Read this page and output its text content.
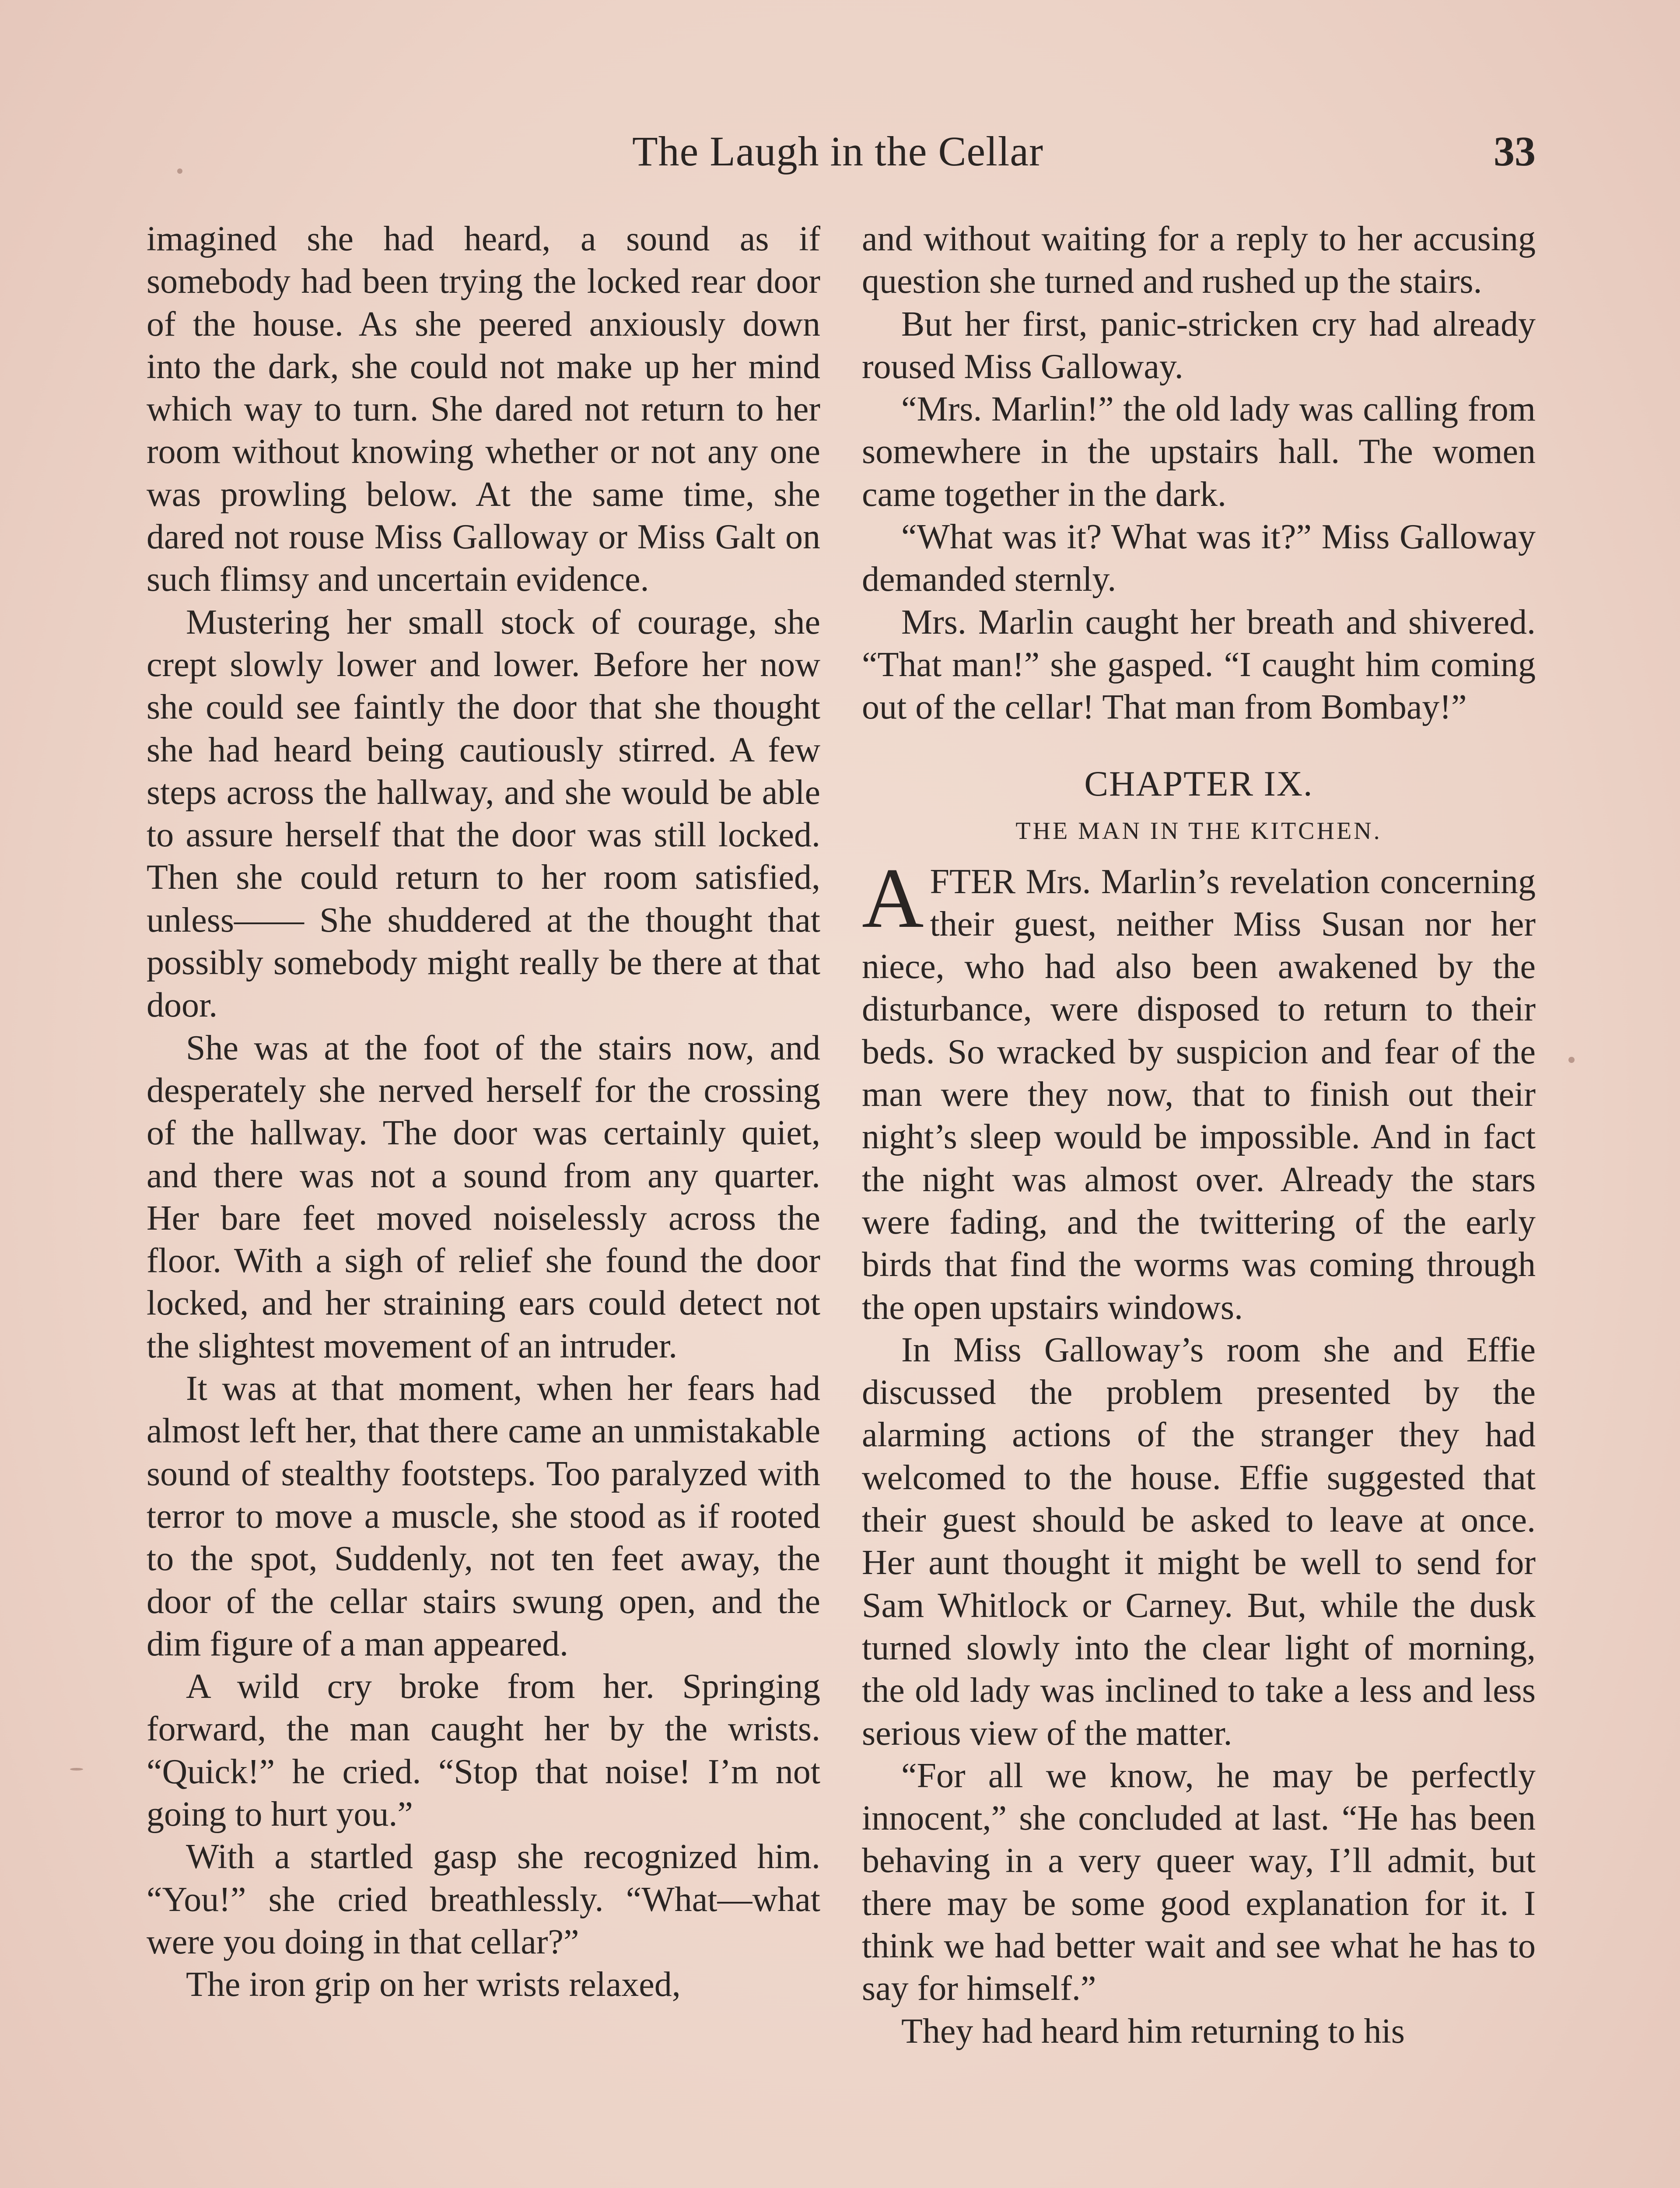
The Laugh in the Cellar	33

imagined she had heard, a sound as if somebody had been trying the locked rear door of the house. As she peered anxiously down into the dark, she could not make up her mind which way to turn. She dared not return to her room without knowing whether or not any one was prowling below. At the same time, she dared not rouse Miss Galloway or Miss Galt on such flimsy and uncertain evidence.

Mustering her small stock of courage, she crept slowly lower and lower. Before her now she could see faintly the door that she thought she had heard being cautiously stirred. A few steps across the hallway, and she would be able to assure herself that the door was still locked. Then she could return to her room satisfied, unless—— She shuddered at the thought that possibly somebody might really be there at that door.

She was at the foot of the stairs now, and desperately she nerved herself for the crossing of the hallway. The door was certainly quiet, and there was not a sound from any quarter. Her bare feet moved noiselessly across the floor. With a sigh of relief she found the door locked, and her straining ears could detect not the slightest movement of an intruder.

It was at that moment, when her fears had almost left her, that there came an unmistakable sound of stealthy footsteps. Too paralyzed with terror to move a muscle, she stood as if rooted to the spot, Suddenly, not ten feet away, the door of the cellar stairs swung open, and the dim figure of a man appeared.

A wild cry broke from her. Springing forward, the man caught her by the wrists. “Quick!” he cried. “Stop that noise! I’m not going to hurt you.”

With a startled gasp she recognized him. “You!” she cried breathlessly. “What—what were you doing in that cellar?”

The iron grip on her wrists relaxed,

and without waiting for a reply to her accusing question she turned and rushed up the stairs.

But her first, panic-stricken cry had already roused Miss Galloway.

“Mrs. Marlin!” the old lady was calling from somewhere in the upstairs hall. The women came together in the dark.

“What was it? What was it?” Miss Galloway demanded sternly.

Mrs. Marlin caught her breath and shivered. “That man!” she gasped. “I caught him coming out of the cellar! That man from Bombay!”

CHAPTER IX.
THE MAN IN THE KITCHEN.

AFTER Mrs. Marlin’s revelation concerning their guest, neither Miss Susan nor her niece, who had also been awakened by the disturbance, were disposed to return to their beds. So wracked by suspicion and fear of the man were they now, that to finish out their night’s sleep would be impossible. And in fact the night was almost over. Already the stars were fading, and the twittering of the early birds that find the worms was coming through the open upstairs windows.

In Miss Galloway’s room she and Effie discussed the problem presented by the alarming actions of the stranger they had welcomed to the house. Effie suggested that their guest should be asked to leave at once. Her aunt thought it might be well to send for Sam Whitlock or Carney. But, while the dusk turned slowly into the clear light of morning, the old lady was inclined to take a less and less serious view of the matter.

“For all we know, he may be perfectly innocent,” she concluded at last. “He has been behaving in a very queer way, I’ll admit, but there may be some good explanation for it. I think we had better wait and see what he has to say for himself.”

They had heard him returning to his
